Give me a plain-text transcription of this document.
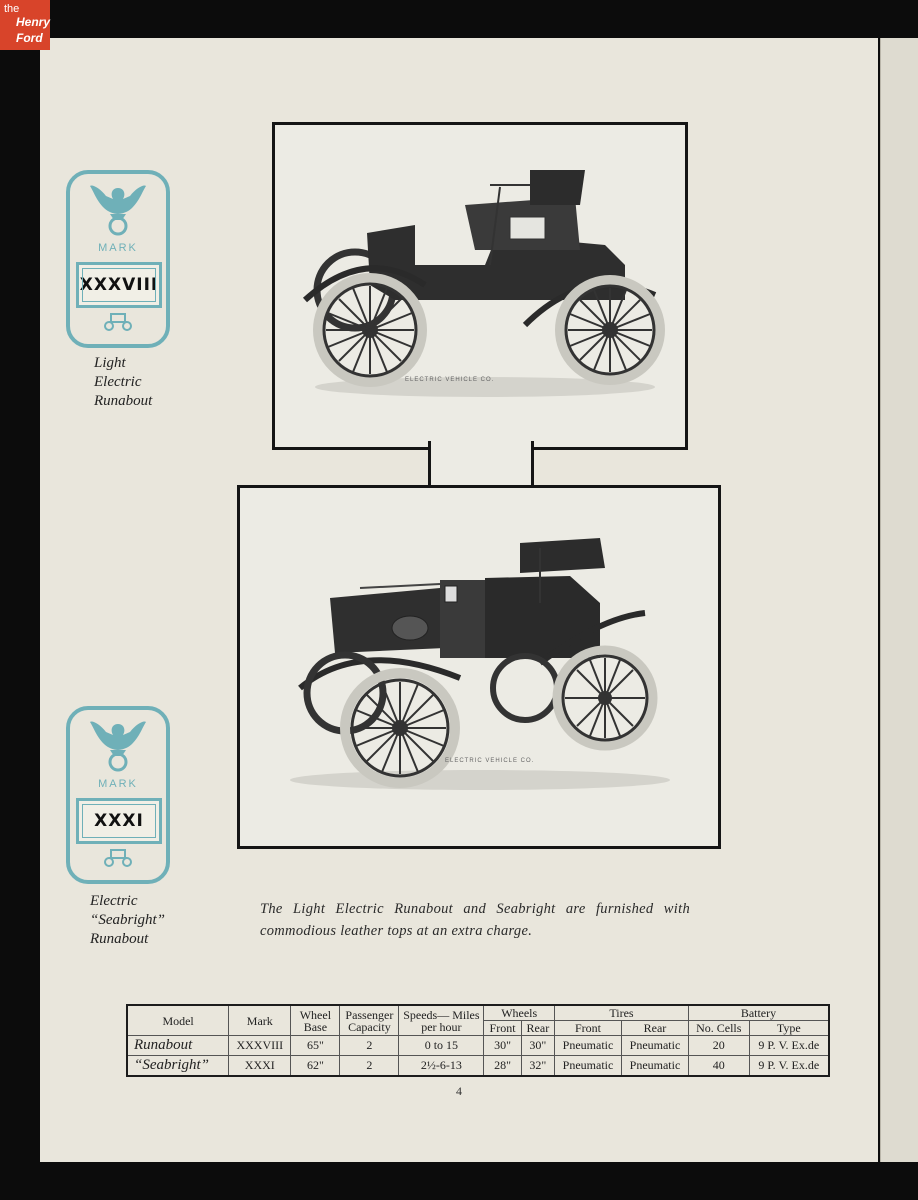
the
Henry
Ford
ELECTRIC VEHICLE CO.
ELECTRIC VEHICLE CO.
MARK
XXXVIII
Light
Electric
Runabout
MARK
XXXI
Electric
“Seabright”
Runabout
The Light Electric Runabout and Seabright are furnished with commodious leather tops at an extra charge.
Model	Mark	Wheel Base	Passenger Capacity	Speeds— Miles per hour	Wheels		Tires		Battery	
					Front	Rear	Front	Rear	No. Cells	Type
Runabout	XXXVIII	65"	2	0 to 15	30"	30"	Pneumatic	Pneumatic	20	9 P. V. Ex.de
“Seabright”	XXXI	62"	2	2½-6-13	28"	32"	Pneumatic	Pneumatic	40	9 P. V. Ex.de
4
